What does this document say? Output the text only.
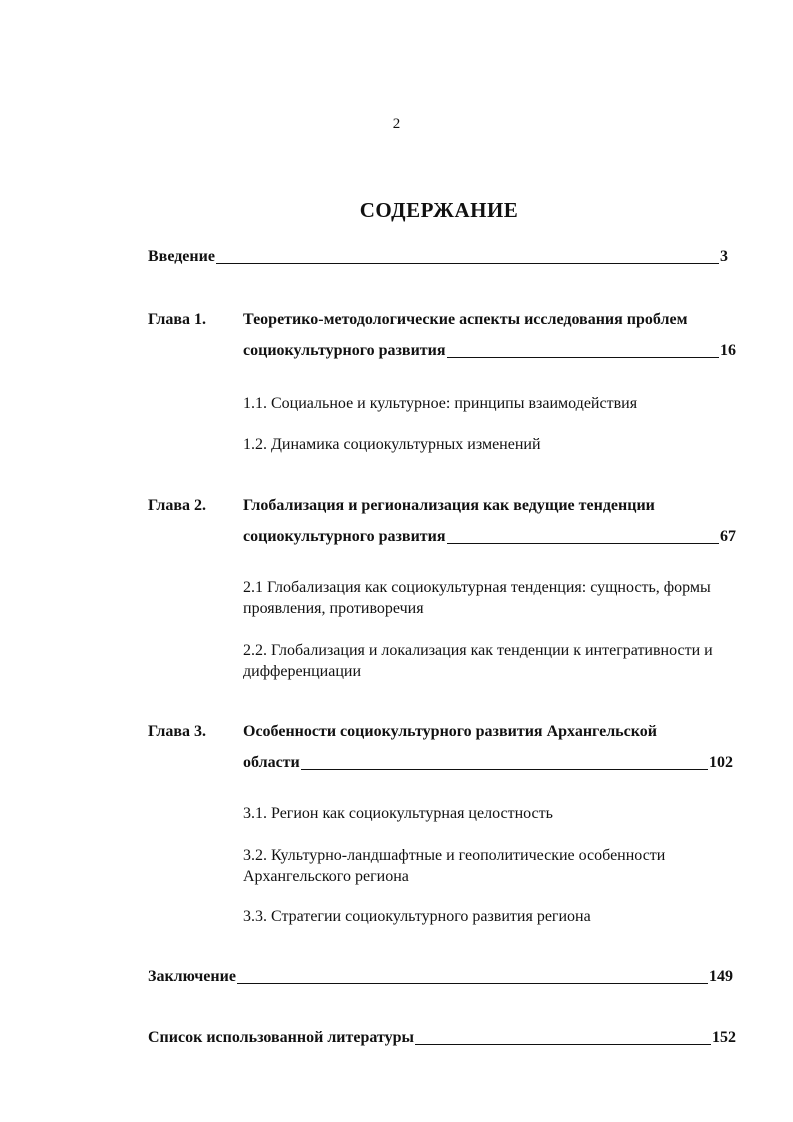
2
СОДЕРЖАНИЕ
Введение	3
Глава 1. Теоретико-методологические аспекты исследования проблем
социокультурного развития	16
1.1. Социальное и культурное: принципы взаимодействия
1.2. Динамика социокультурных изменений
Глава 2. Глобализация и регионализация как ведущие тенденции
социокультурного развития	67
2.1 Глобализация как социокультурная тенденция: сущность, формы проявления, противоречия
2.2. Глобализация и локализация как тенденции к интегративности и дифференциации
Глава 3. Особенности социокультурного развития Архангельской
области	102
3.1. Регион как социокультурная целостность
3.2. Культурно-ландшафтные и геополитические особенности Архангельского региона
3.3. Стратегии социокультурного развития региона
Заключение	149
Список использованной литературы	152
